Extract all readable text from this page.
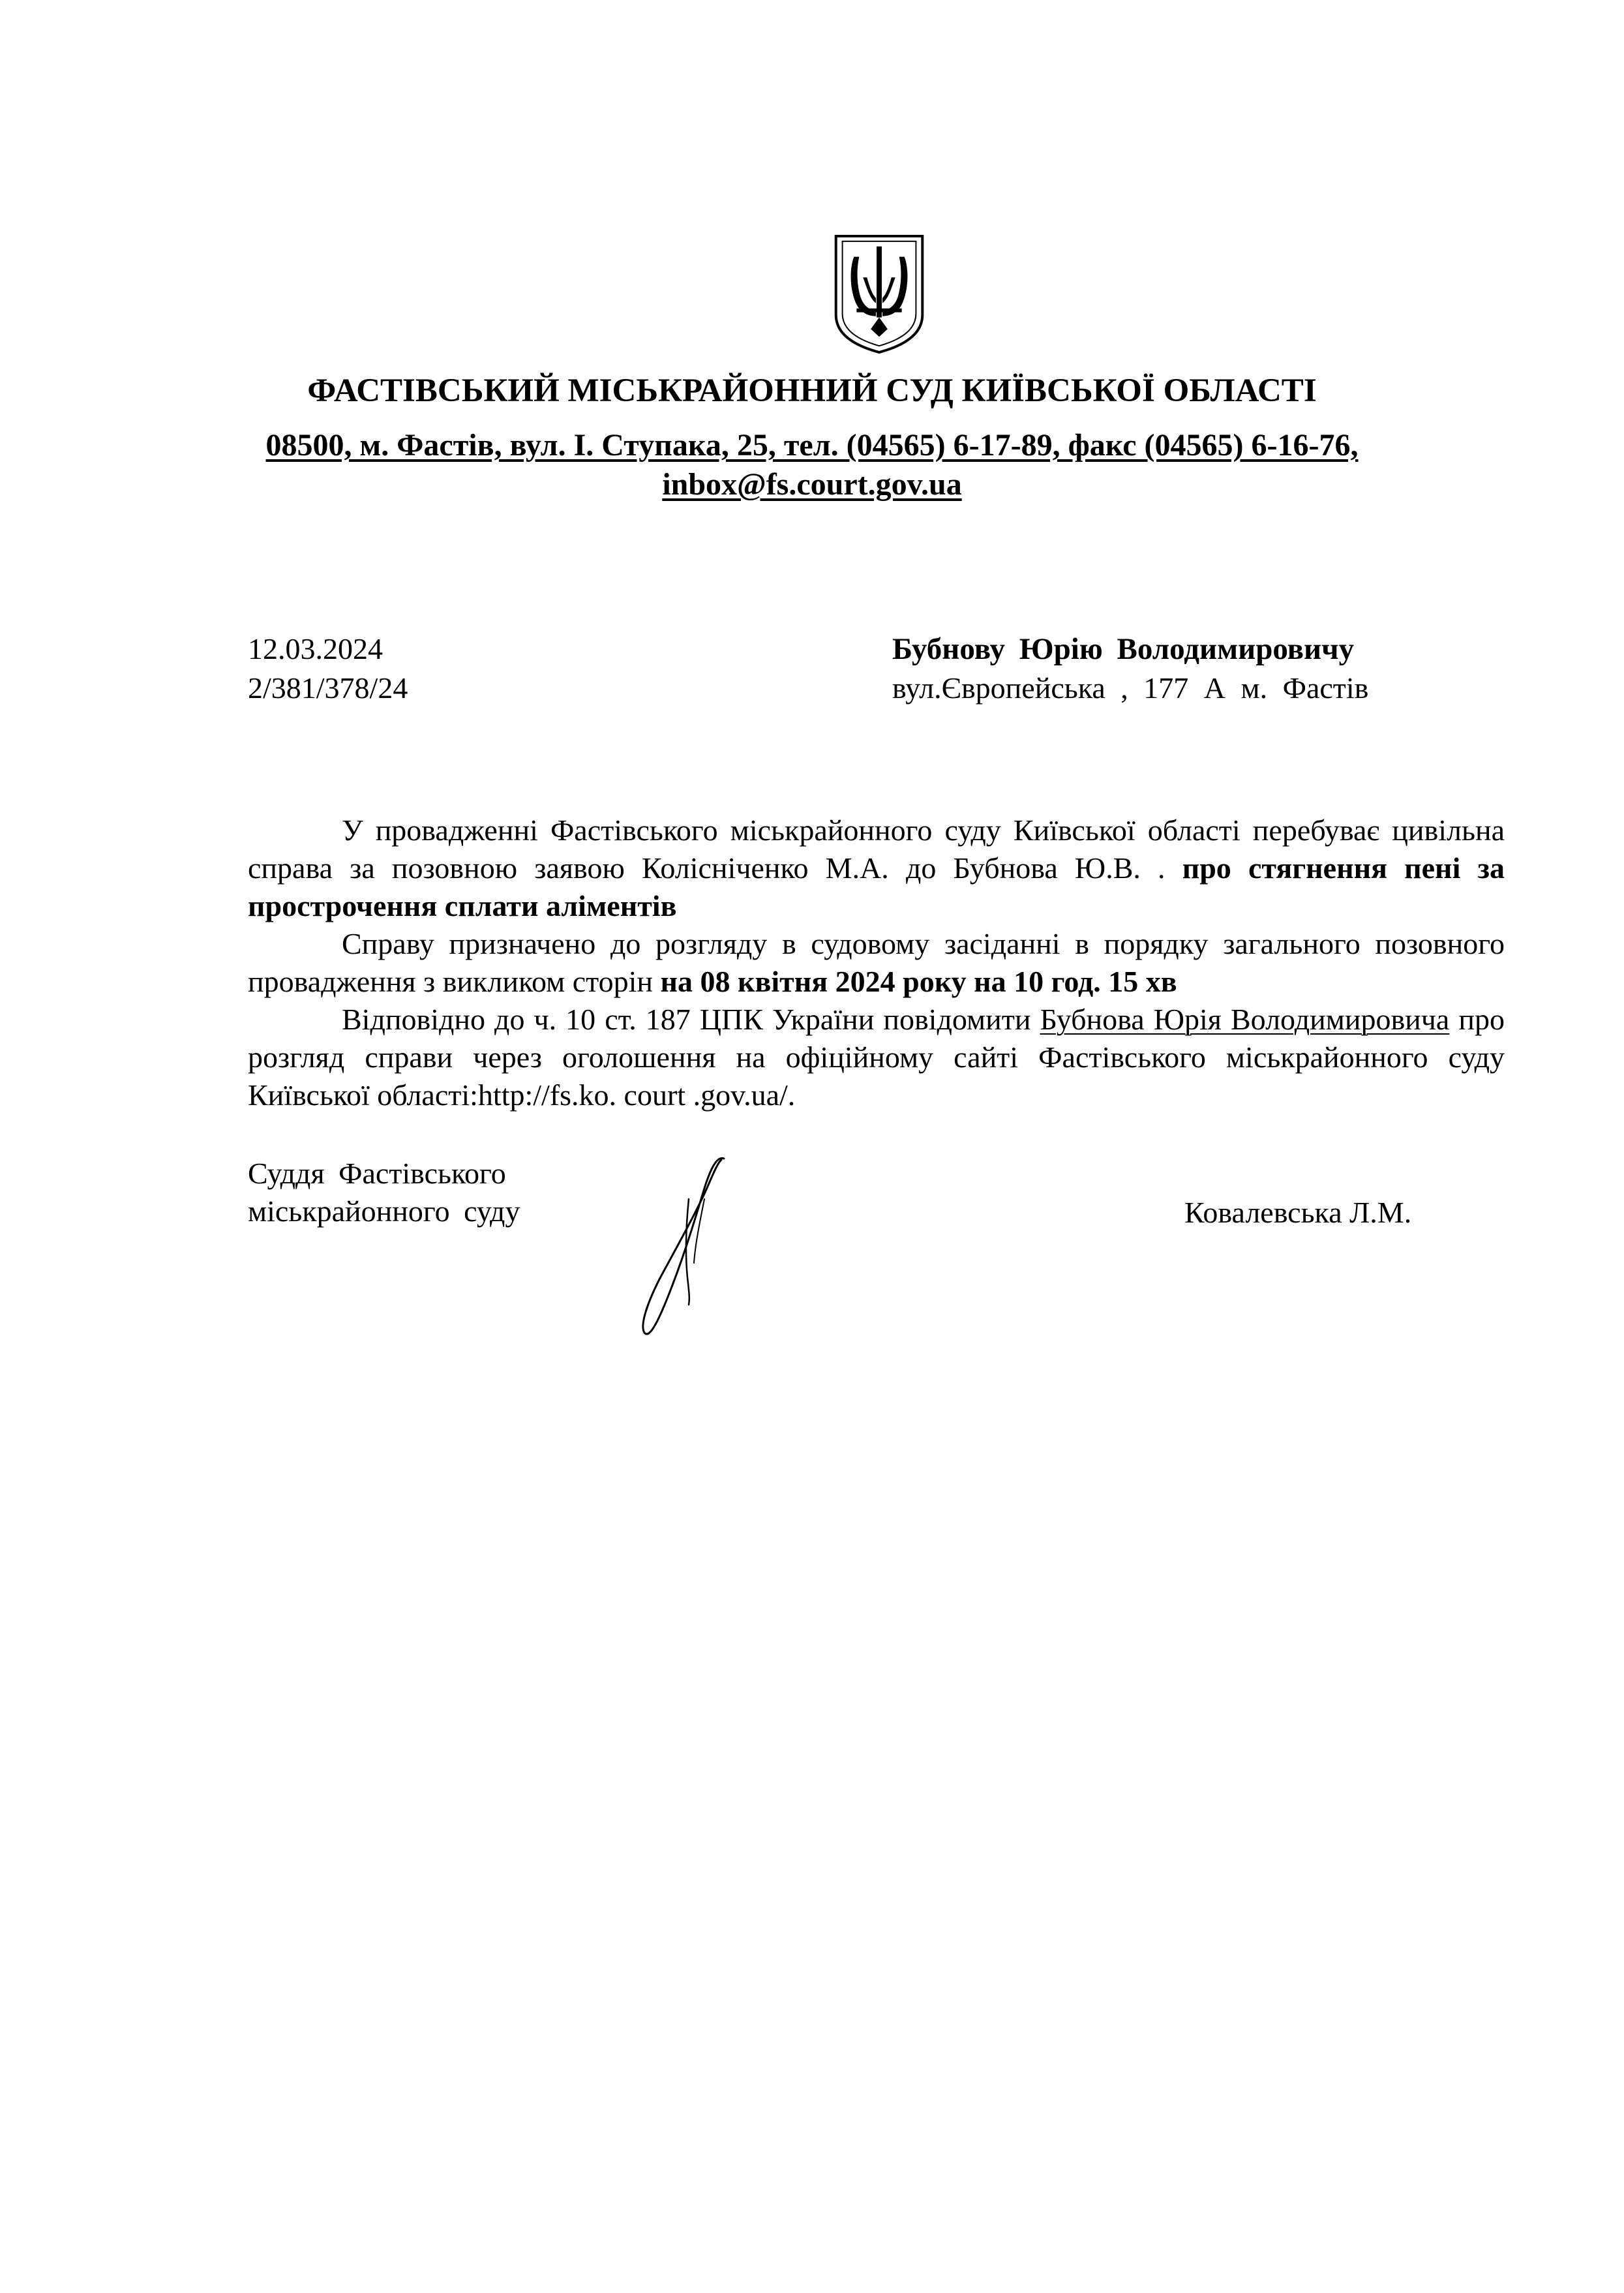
ФАСТІВСЬКИЙ МІСЬКРАЙОННИЙ СУД КИЇВСЬКОЇ ОБЛАСТІ
08500, м. Фастів, вул. І. Ступака, 25, тел. (04565) 6-17-89, факс (04565) 6-16-76,
inbox@fs.court.gov.ua
12.03.2024
2/381/378/24
Бубнову Юрію Володимировичу
вул.Європейська , 177 А м. Фастів

У провадженні Фастівського міськрайонного суду Київської області перебуває цивільна справа за позовною заявою Колісніченко М.А. до Бубнова Ю.В. . про стягнення пені за прострочення сплати аліментів

Справу призначено до розгляду в судовому засіданні в порядку загального позовного провадження з викликом сторін на 08 квітня 2024 року на 10 год. 15 хв

Відповідно до ч. 10 ст. 187 ЦПК України повідомити Бубнова Юрія Володимировича про розгляд справи через оголошення на офіційному сайті Фастівського міськрайонного суду Київської області:http://fs.ko. court .gov.ua/.

Суддя Фастівського
міськрайонного суду	Ковалевська Л.М.
